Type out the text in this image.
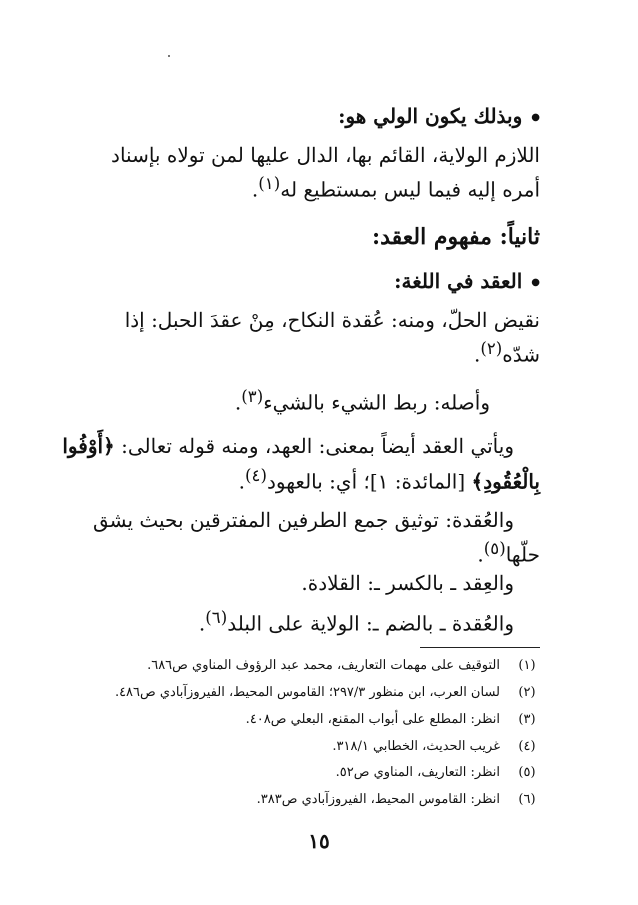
● وبذلك يكون الولي هو:
اللازم الولاية، القائم بها، الدال عليها لمن تولاه بإسناد
أمره إليه فيما ليس بمستطيع له$^{(١)}$.
ثانياً: مفهوم العقد:
● العقد في اللغة:
نقيض الحلّ، ومنه: عُقدة النكاح، مِنْ عقدَ الحبل: إذا
شدّه$^{(٢)}$.
وأصله: ربط الشيء بالشيء$^{(٣)}$.
ويأتي العقد أيضاً بمعنى: العهد، ومنه قوله تعالى: ﴿أَوْفُوا
بِالْعُقُودِ﴾ [المائدة: ١]؛ أي: بالعهود$^{(٤)}$.
والعُقدة: توثيق جمع الطرفين المفترقين بحيث يشق
حلّها$^{(٥)}$.
والعِقد ـ بالكسر ـ: القلادة.
والعُقدة ـ بالضم ـ: الولاية على البلد$^{(٦)}$.
(١)التوقيف على مهمات التعاريف، محمد عبد الرؤوف المناوي ص٦٨٦.
(٢)لسان العرب، ابن منظور ٢٩٧/٣؛ القاموس المحيط، الفيروزآبادي ص٤٨٦.
(٣)انظر: المطلع على أبواب المقنع، البعلي ص٤٠٨.
(٤)غريب الحديث، الخطابي ٣١٨/١.
(٥)انظر: التعاريف، المناوي ص٥٢.
(٦)انظر: القاموس المحيط، الفيروزآبادي ص٣٨٣.
١٥
